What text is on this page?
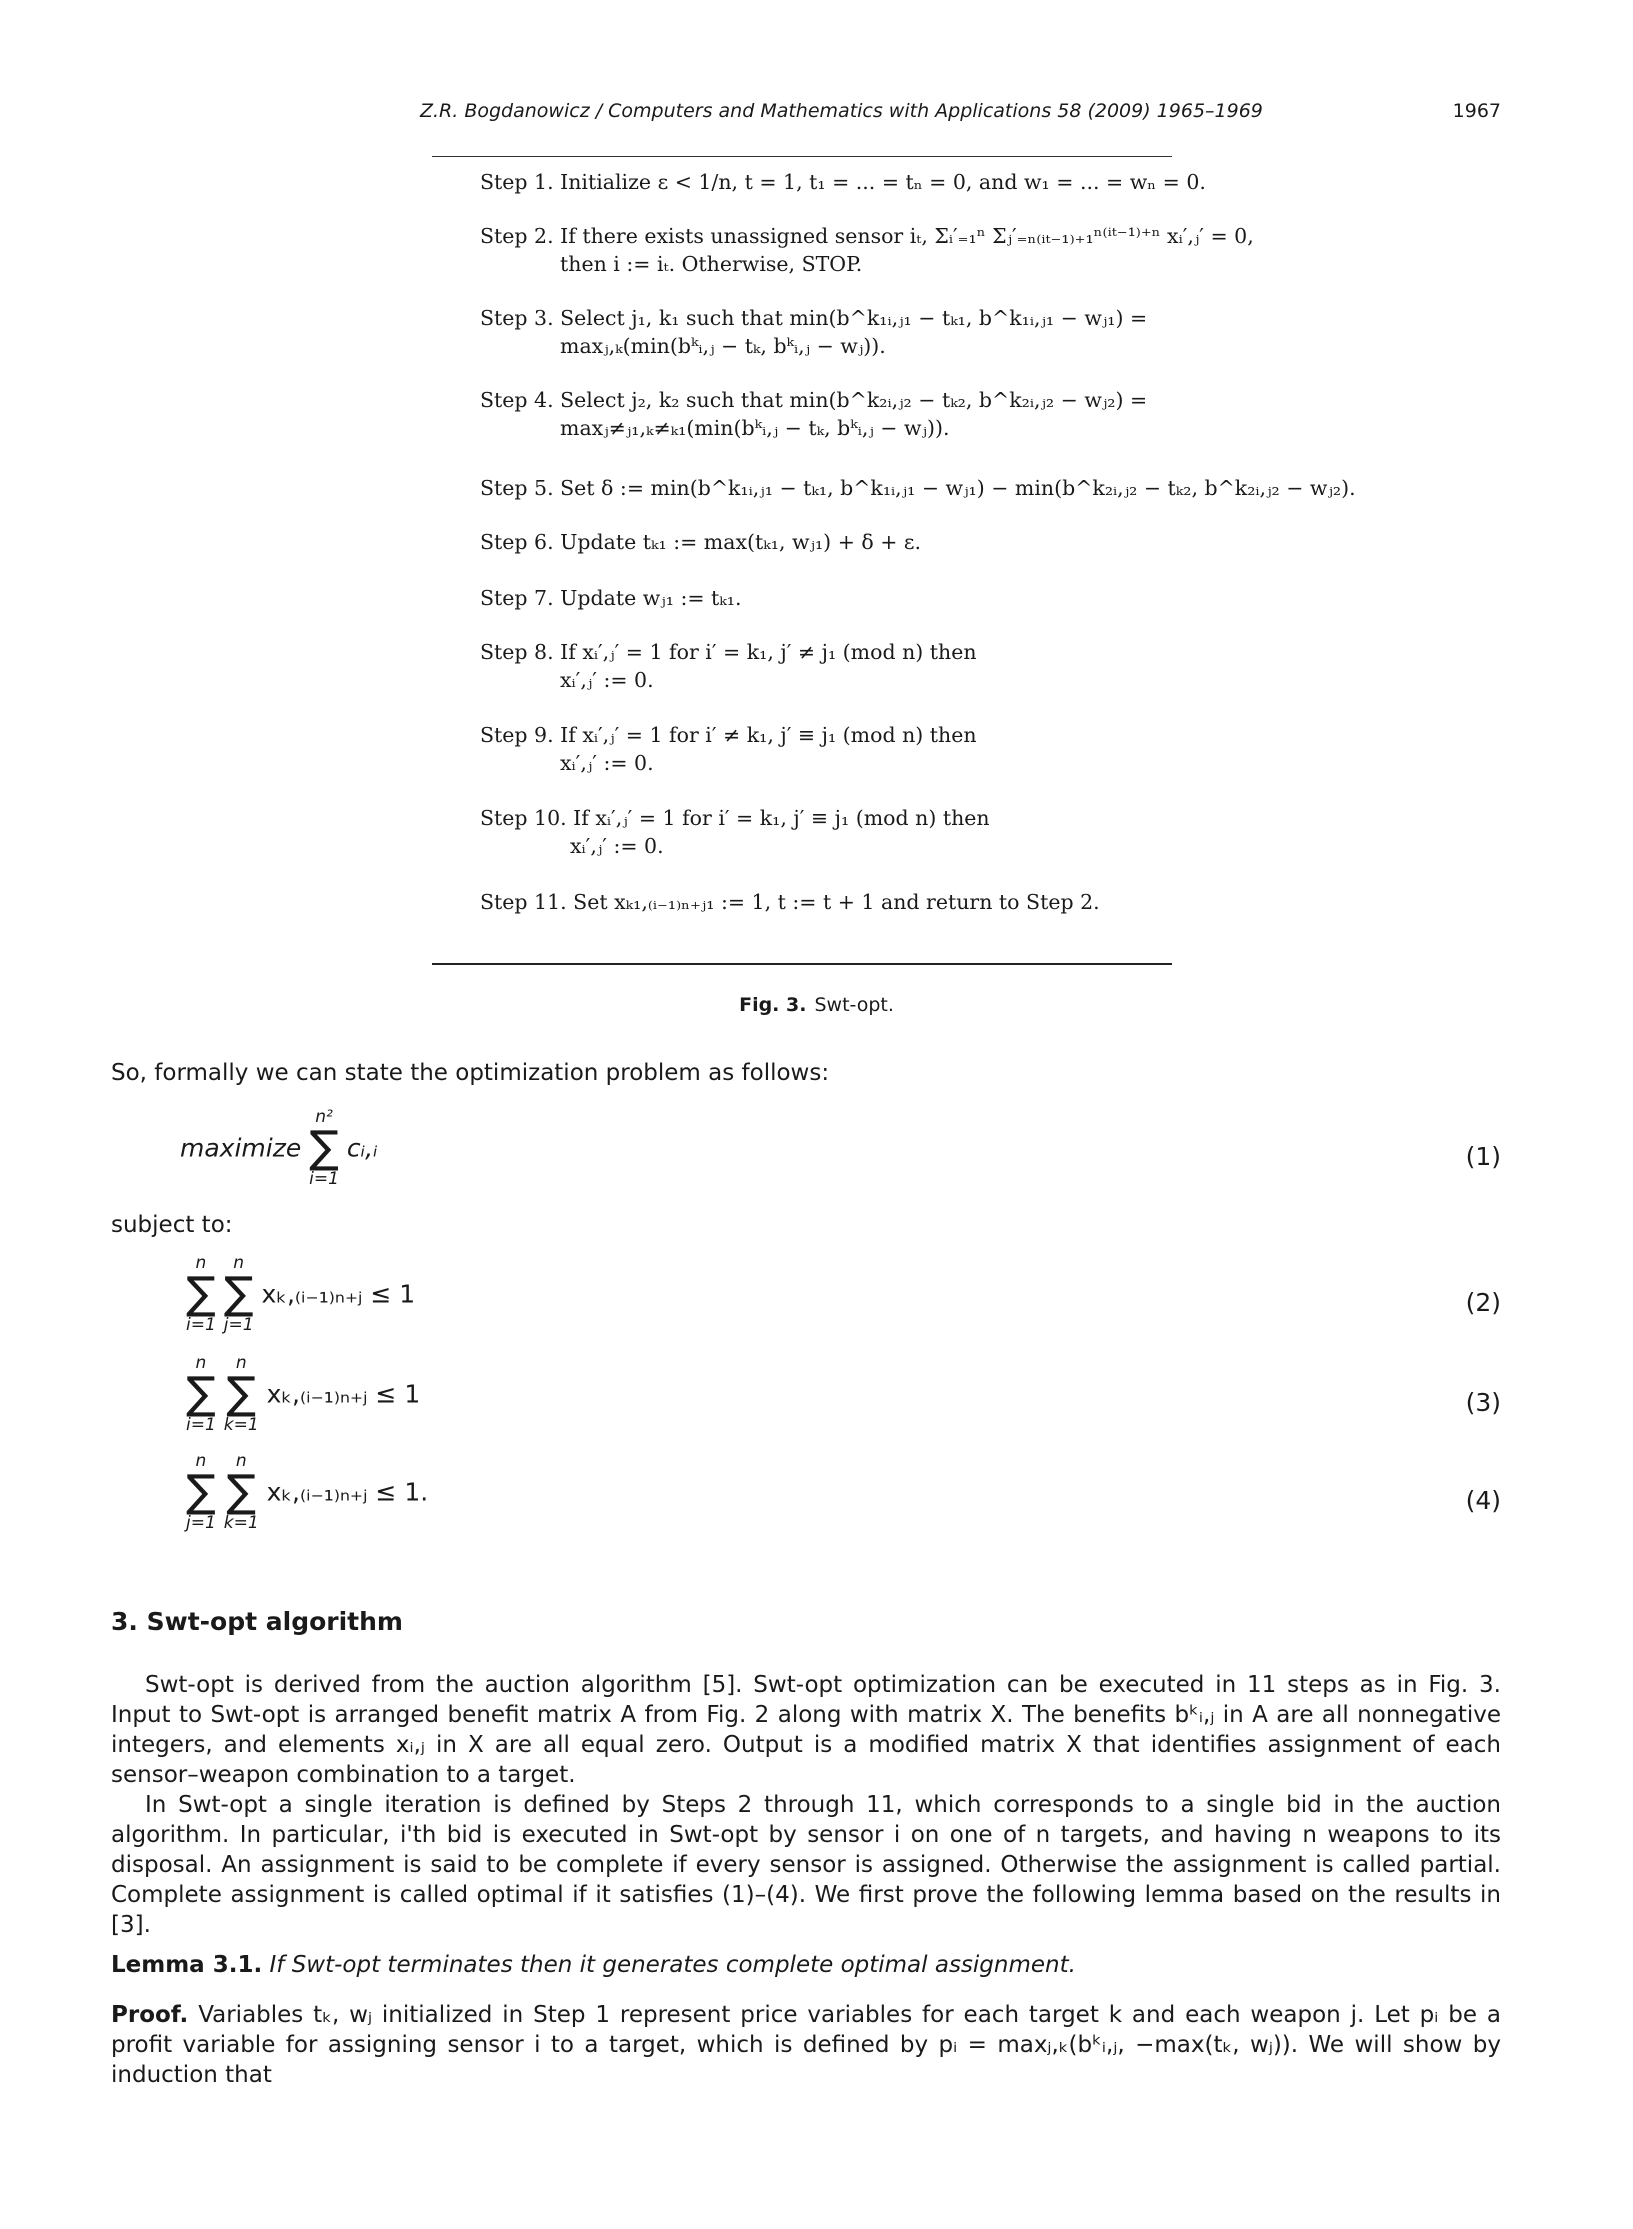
Z.R. Bogdanowicz / Computers and Mathematics with Applications 58 (2009) 1965–1969	1967
Step 1. Initialize ε < 1/n, t = 1, t₁ = ... = tₙ = 0, and w₁ = ... = wₙ = 0.
Step 2. If there exists unassigned sensor iₜ, Σᵢ′₌₁ⁿ Σⱼ′₌ₙ₍ᵢₜ₋₁₎₊₁ⁿ⁽ⁱᵗ⁻¹⁾⁺ⁿ xᵢ′,ⱼ′ = 0,
then i := iₜ. Otherwise, STOP.
Step 3. Select j₁, k₁ such that min(b^k₁ᵢ,ⱼ₁ − tₖ₁, b^k₁ᵢ,ⱼ₁ − wⱼ₁) =
maxⱼ,ₖ(min(bᵏᵢ,ⱼ − tₖ, bᵏᵢ,ⱼ − wⱼ)).
Step 4. Select j₂, k₂ such that min(b^k₂ᵢ,ⱼ₂ − tₖ₂, b^k₂ᵢ,ⱼ₂ − wⱼ₂) =
maxⱼ≠ⱼ₁,ₖ≠ₖ₁(min(bᵏᵢ,ⱼ − tₖ, bᵏᵢ,ⱼ − wⱼ)).
Step 5. Set δ := min(b^k₁ᵢ,ⱼ₁ − tₖ₁, b^k₁ᵢ,ⱼ₁ − wⱼ₁) − min(b^k₂ᵢ,ⱼ₂ − tₖ₂, b^k₂ᵢ,ⱼ₂ − wⱼ₂).
Step 6. Update tₖ₁ := max(tₖ₁, wⱼ₁) + δ + ε.
Step 7. Update wⱼ₁ := tₖ₁.
Step 8. If xᵢ′,ⱼ′ = 1 for i′ = k₁, j′ ≠ j₁ (mod n) then
xᵢ′,ⱼ′ := 0.
Step 9. If xᵢ′,ⱼ′ = 1 for i′ ≠ k₁, j′ ≡ j₁ (mod n) then
xᵢ′,ⱼ′ := 0.
Step 10. If xᵢ′,ⱼ′ = 1 for i′ = k₁, j′ ≡ j₁ (mod n) then
xᵢ′,ⱼ′ := 0.
Step 11. Set xₖ₁,₍ᵢ₋₁₎ₙ₊ⱼ₁ := 1, t := t + 1 and return to Step 2.
Fig. 3. Swt-opt.
So, formally we can state the optimization problem as follows:
maximize
n²
∑
i=1
cᵢ,ᵢ	(1)
subject to:
n
∑
i=1

n
∑
j=1
xₖ,₍ᵢ₋₁₎ₙ₊ⱼ ≤ 1	(2)
n
∑
i=1

n
∑
k=1
xₖ,₍ᵢ₋₁₎ₙ₊ⱼ ≤ 1	(3)
n
∑
j=1

n
∑
k=1
xₖ,₍ᵢ₋₁₎ₙ₊ⱼ ≤ 1.	(4)
3. Swt-opt algorithm
Swt-opt is derived from the auction algorithm [5]. Swt-opt optimization can be executed in 11 steps as in Fig. 3. Input to Swt-opt is arranged benefit matrix A from Fig. 2 along with matrix X. The benefits bᵏᵢ,ⱼ in A are all nonnegative integers, and elements xᵢ,ⱼ in X are all equal zero. Output is a modified matrix X that identifies assignment of each sensor–weapon combination to a target.
In Swt-opt a single iteration is defined by Steps 2 through 11, which corresponds to a single bid in the auction algorithm. In particular, i'th bid is executed in Swt-opt by sensor i on one of n targets, and having n weapons to its disposal. An assignment is said to be complete if every sensor is assigned. Otherwise the assignment is called partial. Complete assignment is called optimal if it satisfies (1)–(4). We first prove the following lemma based on the results in [3].
Lemma 3.1. If Swt-opt terminates then it generates complete optimal assignment.
Proof. Variables tₖ, wⱼ initialized in Step 1 represent price variables for each target k and each weapon j. Let pᵢ be a profit variable for assigning sensor i to a target, which is defined by pᵢ = maxⱼ,ₖ(bᵏᵢ,ⱼ, −max(tₖ, wⱼ)). We will show by induction that
